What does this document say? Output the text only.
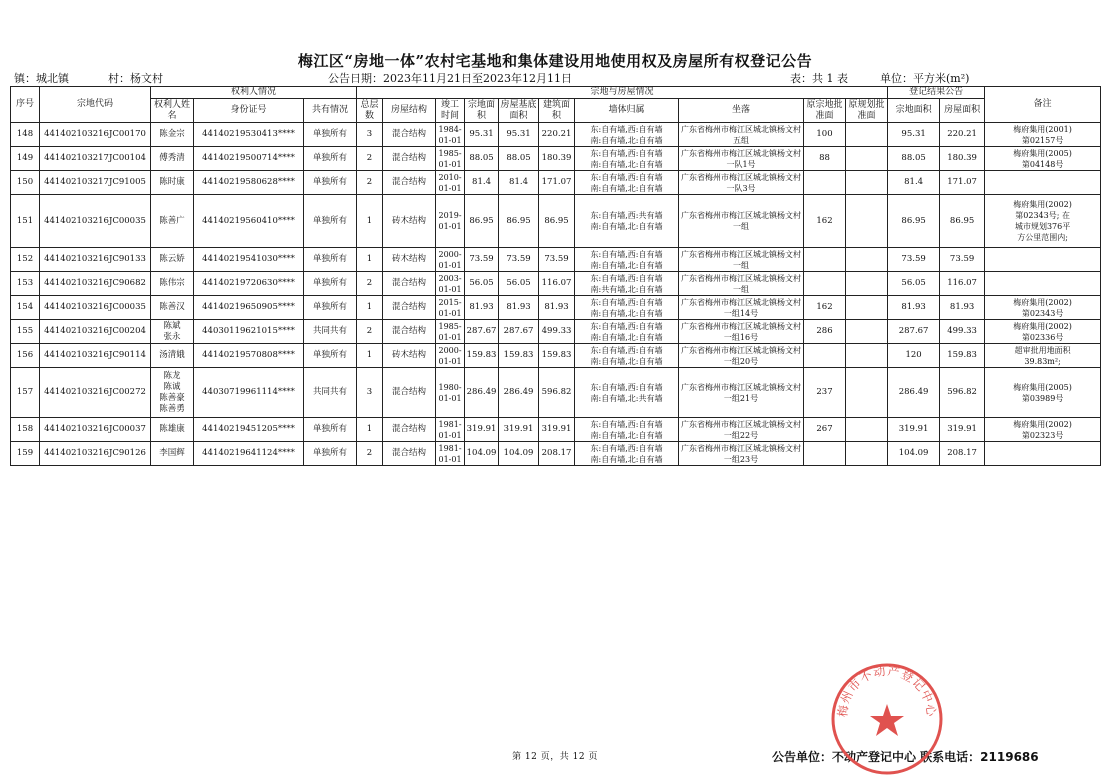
梅江区“房地一体”农村宅基地和集体建设用地使用权及房屋所有权登记公告
镇：城北镇	村：杨文村	公告日期：2023年11月21日至2023年12月11日	表：共 1 表	单位：平方米(m²)
序号	宗地代码	权利人情况			宗地与房屋情况										登记结果公告		备注
		权利人姓名	身份证号	共有情况	总层数	房屋结构	竣工时间	宗地面积	房屋基底面积	建筑面积	墙体归属	坐落	原宗地批准面	原规划批准面	宗地面积	房屋面积	
148	441402103216JC00170	陈金宗	44140219530413****	单独所有	3	混合结构	1984-01-01	95.31	95.31	220.21	东:自有墙,西:自有墙
南:自有墙,北:自有墙	广东省梅州市梅江区城北镇杨文村五组	100		95.31	220.21	梅府集用(2001)
第02157号
149	441402103217JC00104	傅秀清	44140219500714****	单独所有	2	混合结构	1985-01-01	88.05	88.05	180.39	东:自有墙,西:自有墙
南:自有墙,北:自有墙	广东省梅州市梅江区城北镇杨文村一队1号	88		88.05	180.39	梅府集用(2005)
第04148号
150	441402103217JC91005	陈时康	44140219580628****	单独所有	2	混合结构	2010-01-01	81.4	81.4	171.07	东:自有墙,西:自有墙
南:自有墙,北:自有墙	广东省梅州市梅江区城北镇杨文村一队3号			81.4	171.07	
151	441402103216JC00035	陈善广	44140219560410****	单独所有	1	砖木结构	2019-01-01	86.95	86.95	86.95	东:自有墙,西:共有墙
南:自有墙,北:自有墙	广东省梅州市梅江区城北镇杨文村一组	162		86.95	86.95	梅府集用(2002)
第02343号; 在
城市规划376平
方公里范围内;
152	441402103216JC90133	陈云娇	44140219541030****	单独所有	1	砖木结构	2000-01-01	73.59	73.59	73.59	东:自有墙,西:自有墙
南:自有墙,北:自有墙	广东省梅州市梅江区城北镇杨文村一组			73.59	73.59	
153	441402103216JC90682	陈伟宗	44140219720630****	单独所有	2	混合结构	2003-01-01	56.05	56.05	116.07	东:自有墙,西:自有墙
南:共有墙,北:自有墙	广东省梅州市梅江区城北镇杨文村一组			56.05	116.07	
154	441402103216JC00035	陈善汉	44140219650905****	单独所有	1	混合结构	2015-01-01	81.93	81.93	81.93	东:自有墙,西:自有墙
南:自有墙,北:自有墙	广东省梅州市梅江区城北镇杨文村一组14号	162		81.93	81.93	梅府集用(2002)
第02343号
155	441402103216JC00204	陈斌
张永	44030119621015****	共同共有	2	混合结构	1985-01-01	287.67	287.67	499.33	东:自有墙,西:自有墙
南:自有墙,北:自有墙	广东省梅州市梅江区城北镇杨文村一组16号	286		287.67	499.33	梅府集用(2002)
第02336号
156	441402103216JC90114	汤清娥	44140219570808****	单独所有	1	砖木结构	2000-01-01	159.83	159.83	159.83	东:自有墙,西:自有墙
南:自有墙,北:自有墙	广东省梅州市梅江区城北镇杨文村一组20号			120	159.83	超审批用地面积
39.83m²;
157	441402103216JC00272	陈龙
陈诚
陈善豪
陈善勇	44030719961114****	共同共有	3	混合结构	1980-01-01	286.49	286.49	596.82	东:自有墙,西:自有墙
南:自有墙,北:共有墙	广东省梅州市梅江区城北镇杨文村一组21号	237		286.49	596.82	梅府集用(2005)
第03989号
158	441402103216JC00037	陈雄康	44140219451205****	单独所有	1	混合结构	1981-01-01	319.91	319.91	319.91	东:自有墙,西:自有墙
南:自有墙,北:自有墙	广东省梅州市梅江区城北镇杨文村一组22号	267		319.91	319.91	梅府集用(2002)
第02323号
159	441402103216JC90126	李国辉	44140219641124****	单独所有	2	混合结构	1981-01-01	104.09	104.09	208.17	东:自有墙,西:自有墙
南:自有墙,北:自有墙	广东省梅州市梅江区城北镇杨文村一组23号			104.09	208.17	
第 12 页，共 12 页	公告单位：不动产登记中心 联系电话：2119686
梅州市不动产登记中心
